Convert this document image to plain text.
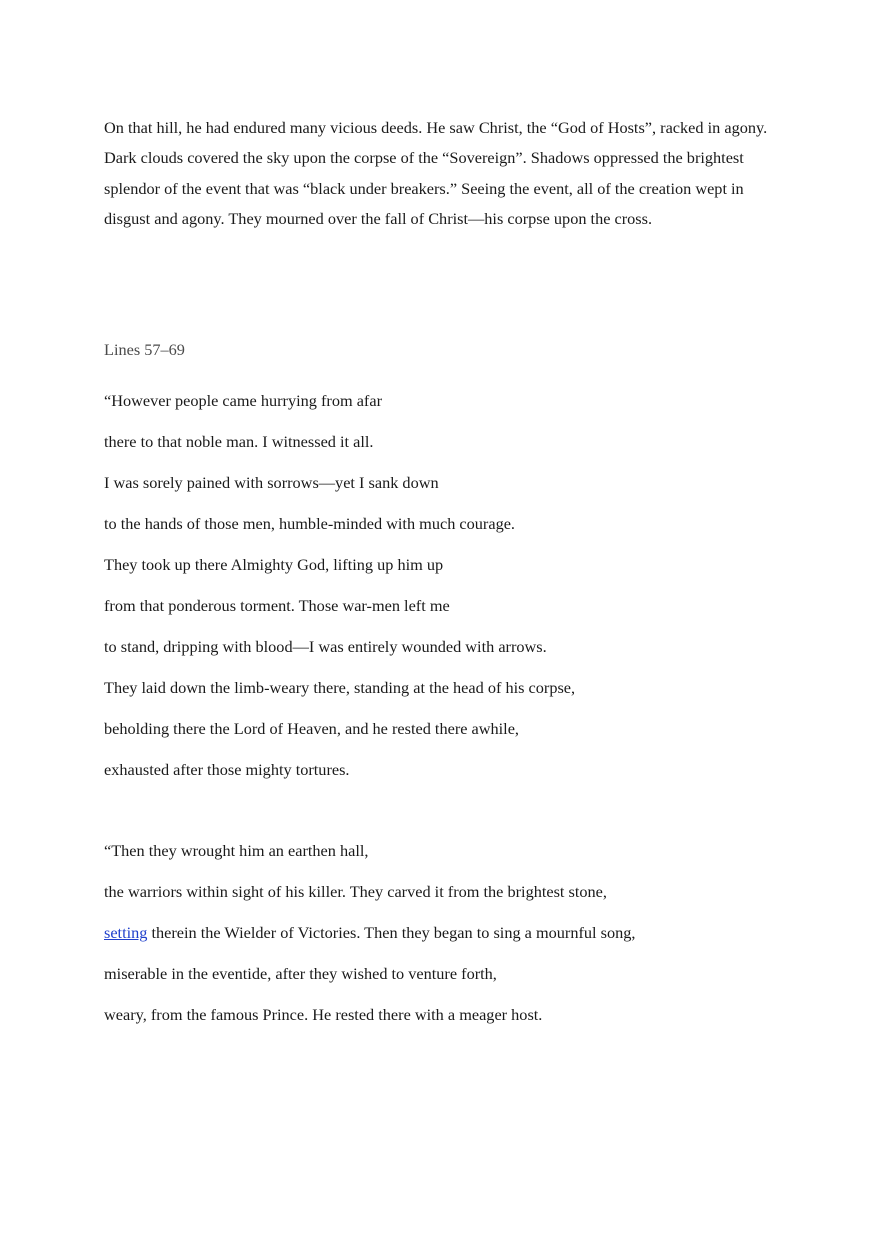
On that hill, he had endured many vicious deeds. He saw Christ, the “God of Hosts”, racked in agony. Dark clouds covered the sky upon the corpse of the “Sovereign”. Shadows oppressed the brightest splendor of the event that was “black under breakers.” Seeing the event, all of the creation wept in disgust and agony. They mourned over the fall of Christ—his corpse upon the cross.

Lines 57–69

“However people came hurrying from afar
there to that noble man. I witnessed it all.
I was sorely pained with sorrows—yet I sank down
to the hands of those men, humble-minded with much courage.
They took up there Almighty God, lifting up him up
from that ponderous torment. Those war-men left me
to stand, dripping with blood—I was entirely wounded with arrows.
They laid down the limb-weary there, standing at the head of his corpse,
beholding there the Lord of Heaven, and he rested there awhile,
exhausted after those mighty tortures.
“Then they wrought him an earthen hall,
the warriors within sight of his killer. They carved it from the brightest stone,
setting therein the Wielder of Victories. Then they began to sing a mournful song,
miserable in the eventide, after they wished to venture forth,
weary, from the famous Prince. He rested there with a meager host.
